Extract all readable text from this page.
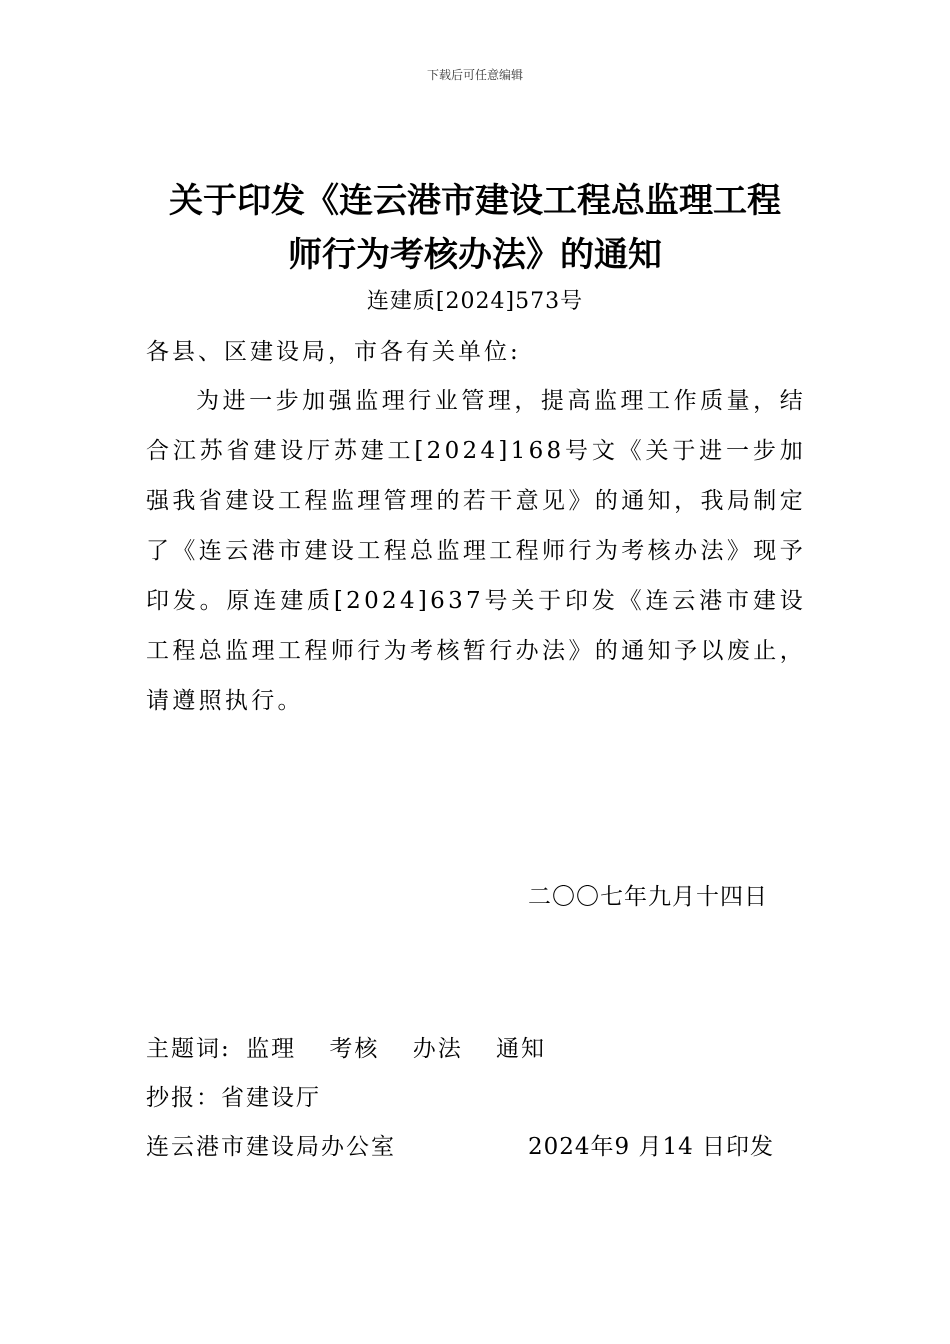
下载后可任意编辑
关于印发《连云港市建设工程总监理工程
师行为考核办法》的通知
连建质[2024]573号
各县、区建设局，市各有关单位:
为进一步加强监理行业管理，提高监理工作质量，结合江苏省建设厅苏建工[2024]168号文《关于进一步加强我省建设工程监理管理的若干意见》的通知，我局制定了《连云港市建设工程总监理工程师行为考核办法》现予印发。原连建质[2024]637号关于印发《连云港市建设工程总监理工程师行为考核暂行办法》的通知予以废止，请遵照执行。
二〇〇七年九月十四日
主题词: 监理 考核 办法 通知
抄报：省建设厅
连云港市建设局办公室	2024年9 月14 日印发
